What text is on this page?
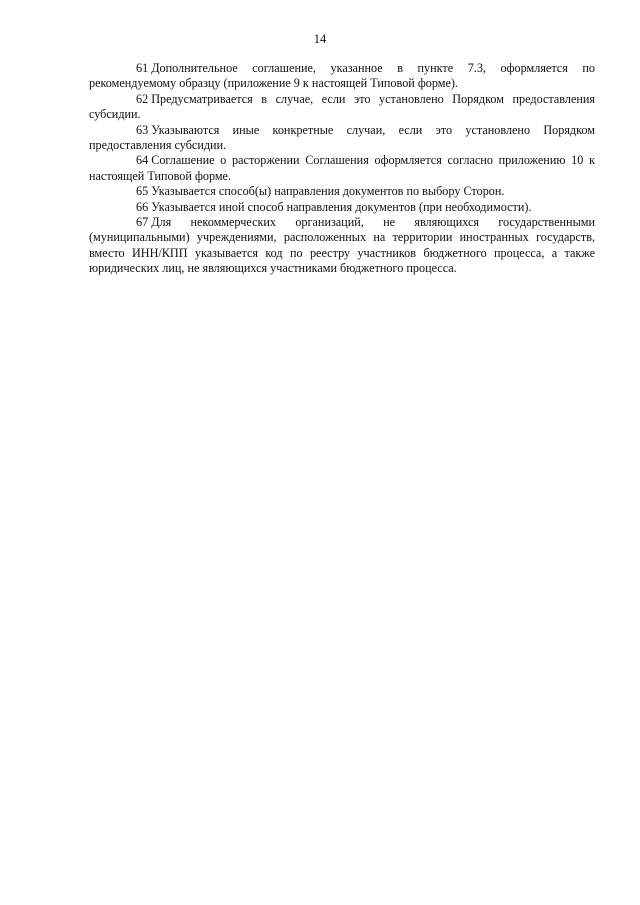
14

61 Дополнительное соглашение, указанное в пункте 7.3, оформляется по рекомендуемому образцу (приложение 9 к настоящей Типовой форме).

62 Предусматривается в случае, если это установлено Порядком предоставления субсидии.

63 Указываются иные конкретные случаи, если это установлено Порядком предоставления субсидии.

64 Соглашение о расторжении Соглашения оформляется согласно приложению 10 к настоящей Типовой форме.

65 Указывается способ(ы) направления документов по выбору Сторон.

66 Указывается иной способ направления документов (при необходимости).

67 Для некоммерческих организаций, не являющихся государственными (муниципальными) учреждениями, расположенных на территории иностранных государств, вместо ИНН/КПП указывается код по реестру участников бюджетного процесса, а также юридических лиц, не являющихся участниками бюджетного процесса.
